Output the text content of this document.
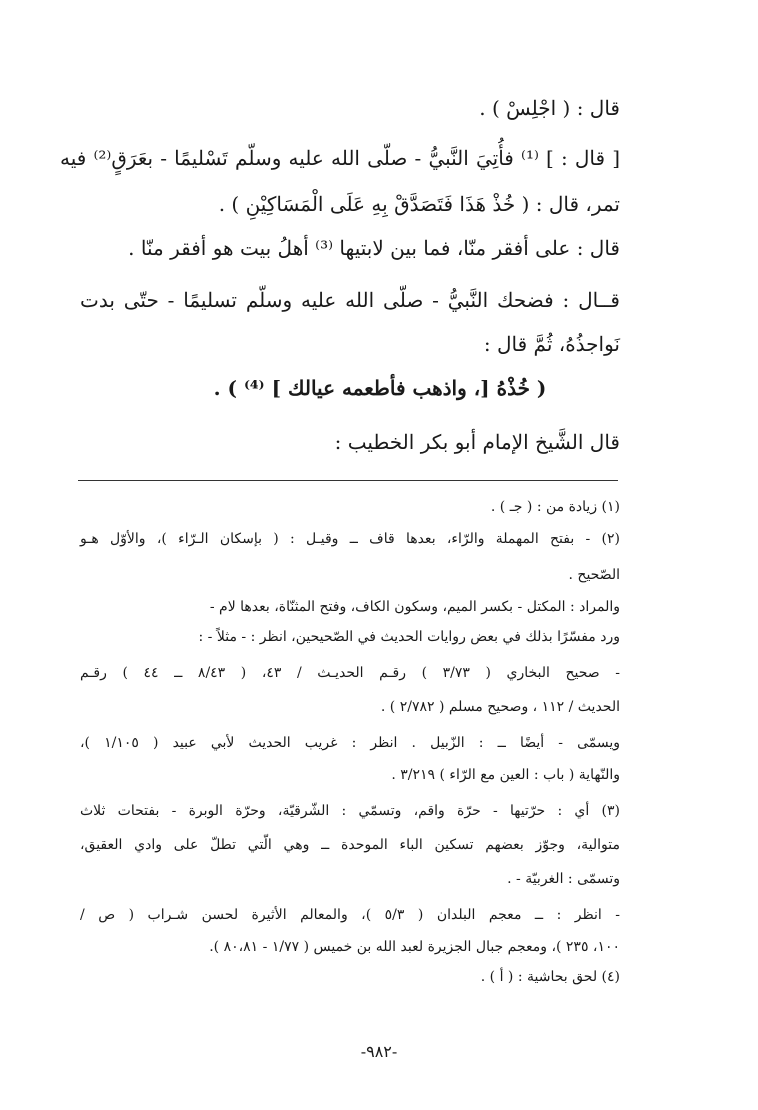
قال : ( اجْلِسْ ) .
[ قال : ] ⁽¹⁾ فأُتِيَ النَّبيُّ - صلّى الله عليه وسلّم تَسْليمًا - بعَرَقٍ⁽²⁾ فيه
تمر، قال : ( خُذْ هَذَا فَتَصَدَّقْ بِهِ عَلَى الْمَسَاكِيْنِ ) .
قال : على أفقر منّا، فما بين لابتيها ⁽³⁾ أهلُ بيت هو أفقر منّا .
قــال : فضحك النَّبيُّ - صلّى الله عليه وسلّم تسليمًا - حتّى بدت
نَواجذُهُ، ثُمَّ قال :
( خُذْهُ [، واذهب فأطعمه عيالك ] ⁽⁴⁾ ) .
قال الشَّيخ الإمام أبو بكر الخطيب :
(١) زيادة من : ( جـ ) .
(٢) - بفتح المهملة والرّاء، بعدها قاف ــ وقيـل : ( بإسكان الـرّاء )، والأوّل هـو
الصّحيح .
والمراد : المكتل - بكسر الميم، وسكون الكاف، وفتح المثنّاة، بعدها لام -
ورد مفسّرًا بذلك في بعض روايات الحديث في الصّحيحين، انظر : - مثلاً - :
- صحيح البخاري ( ٣/٧٣ ) رقـم الحديـث / ٤٣، ( ٨/٤٣ ــ ٤٤ ) رقـم
الحديث / ١١٢ ، وصحيح مسلم ( ٢/٧٨٢ ) .
ويسمّى - أيضًا ــ : الزّبيل . انظر : غريب الحديث لأبي عبيد ( ١/١٠٥ )،
والنّهاية ( باب : العين مع الرّاء ) ٣/٢١٩ .
(٣) أي : حرّتيها - حرّة واقم، وتسمّي : الشّرقيّة، وحرّة الوبرة - بفتحات ثلاث
متوالية، وجوّز بعضهم تسكين الباء الموحدة ــ وهي الّتي تطلّ على وادي العقيق،
وتسمّى : الغربيّة - .
- انظر : ــ معجم البلدان ( ٥/٣ )، والمعالم الأثيرة لحسن شـراب ( ص /
١٠٠، ٢٣٥ )، ومعجم جبال الجزيرة لعبد الله بن خميس ( ١/٧٧ - ٨٠،٨١ ).
(٤) لحق بحاشية : ( أ ) .
-٩٨٢-
